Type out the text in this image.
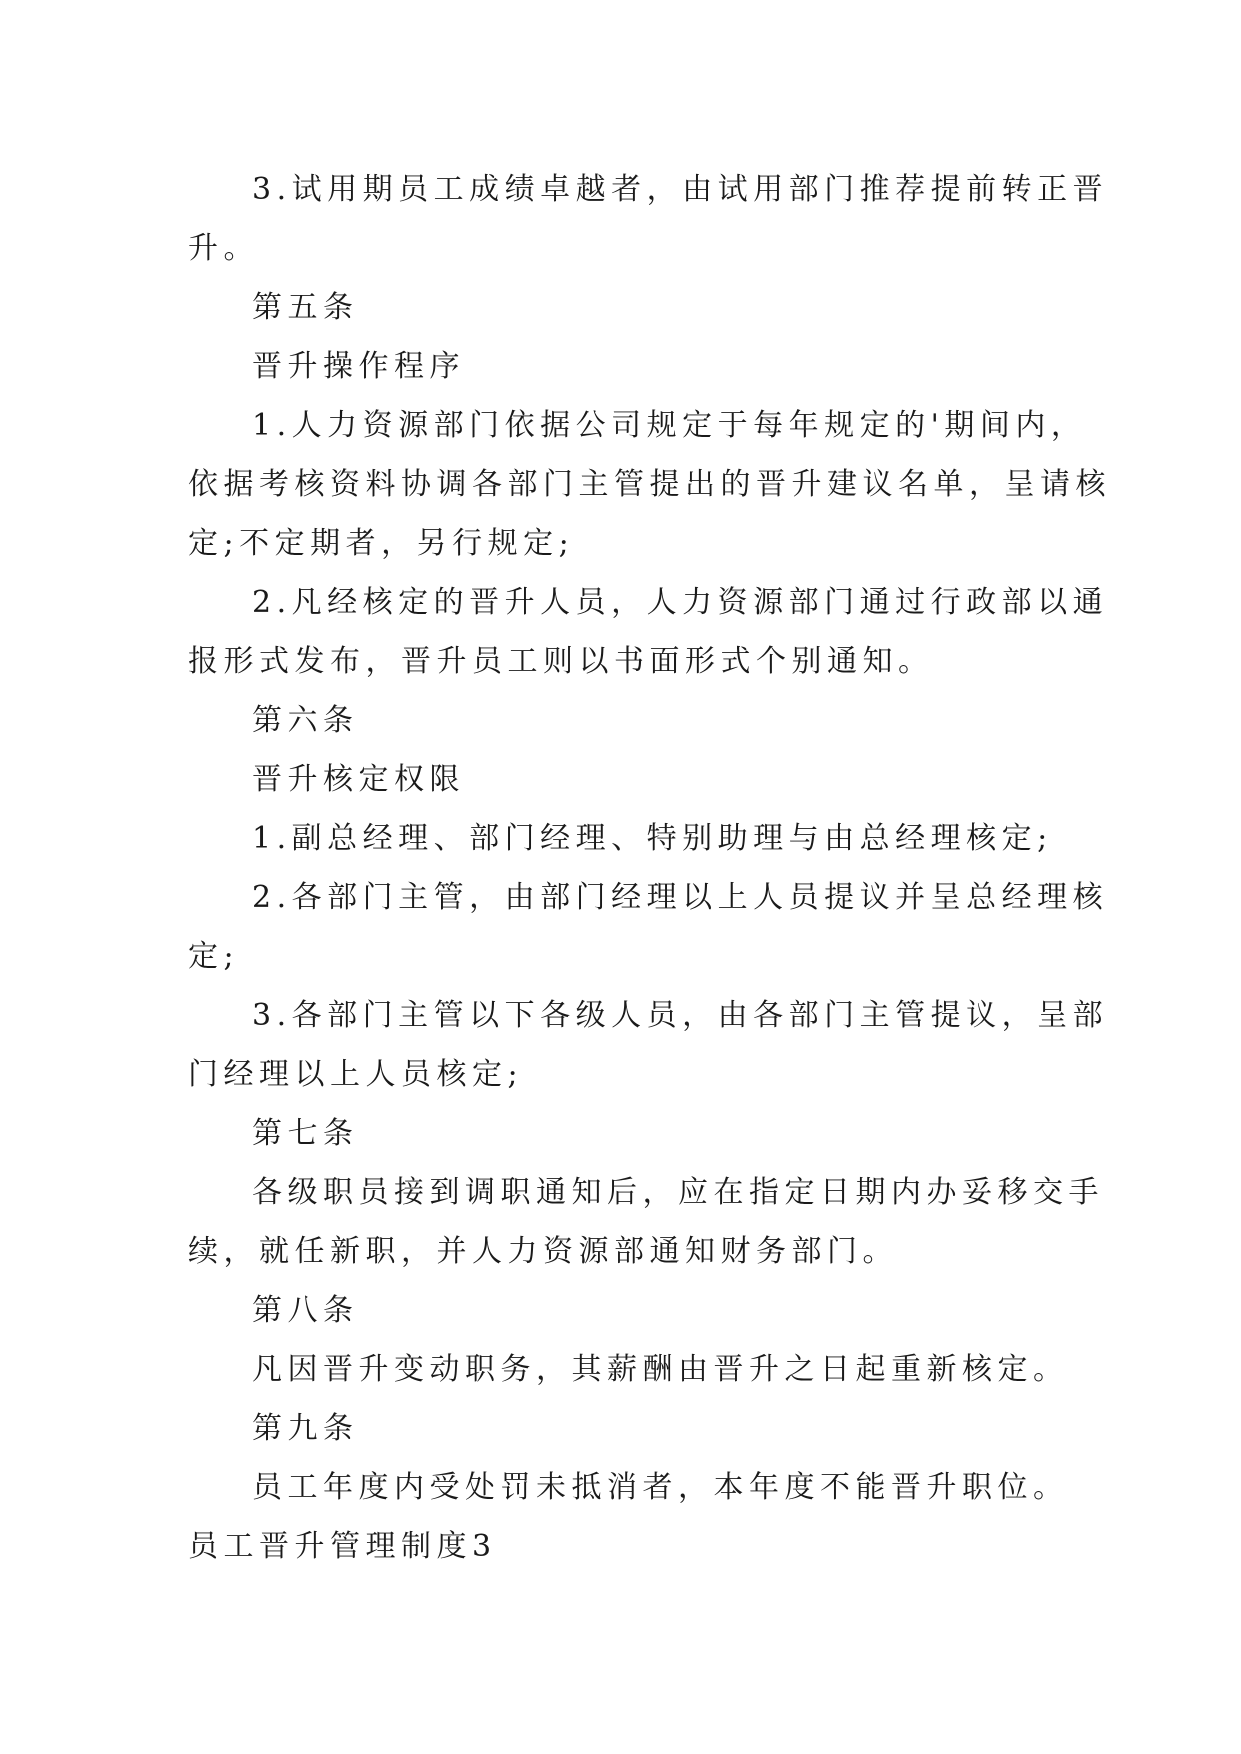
3.试用期员工成绩卓越者，由试用部门推荐提前转正晋
升。
第五条
晋升操作程序
1.人力资源部门依据公司规定于每年规定的'期间内，
依据考核资料协调各部门主管提出的晋升建议名单，呈请核
定;不定期者，另行规定;
2.凡经核定的晋升人员，人力资源部门通过行政部以通
报形式发布，晋升员工则以书面形式个别通知。
第六条
晋升核定权限
1.副总经理、部门经理、特别助理与由总经理核定;
2.各部门主管，由部门经理以上人员提议并呈总经理核
定;
3.各部门主管以下各级人员，由各部门主管提议，呈部
门经理以上人员核定;
第七条
各级职员接到调职通知后，应在指定日期内办妥移交手
续，就任新职，并人力资源部通知财务部门。
第八条
凡因晋升变动职务，其薪酬由晋升之日起重新核定。
第九条
员工年度内受处罚未抵消者，本年度不能晋升职位。
员工晋升管理制度3
